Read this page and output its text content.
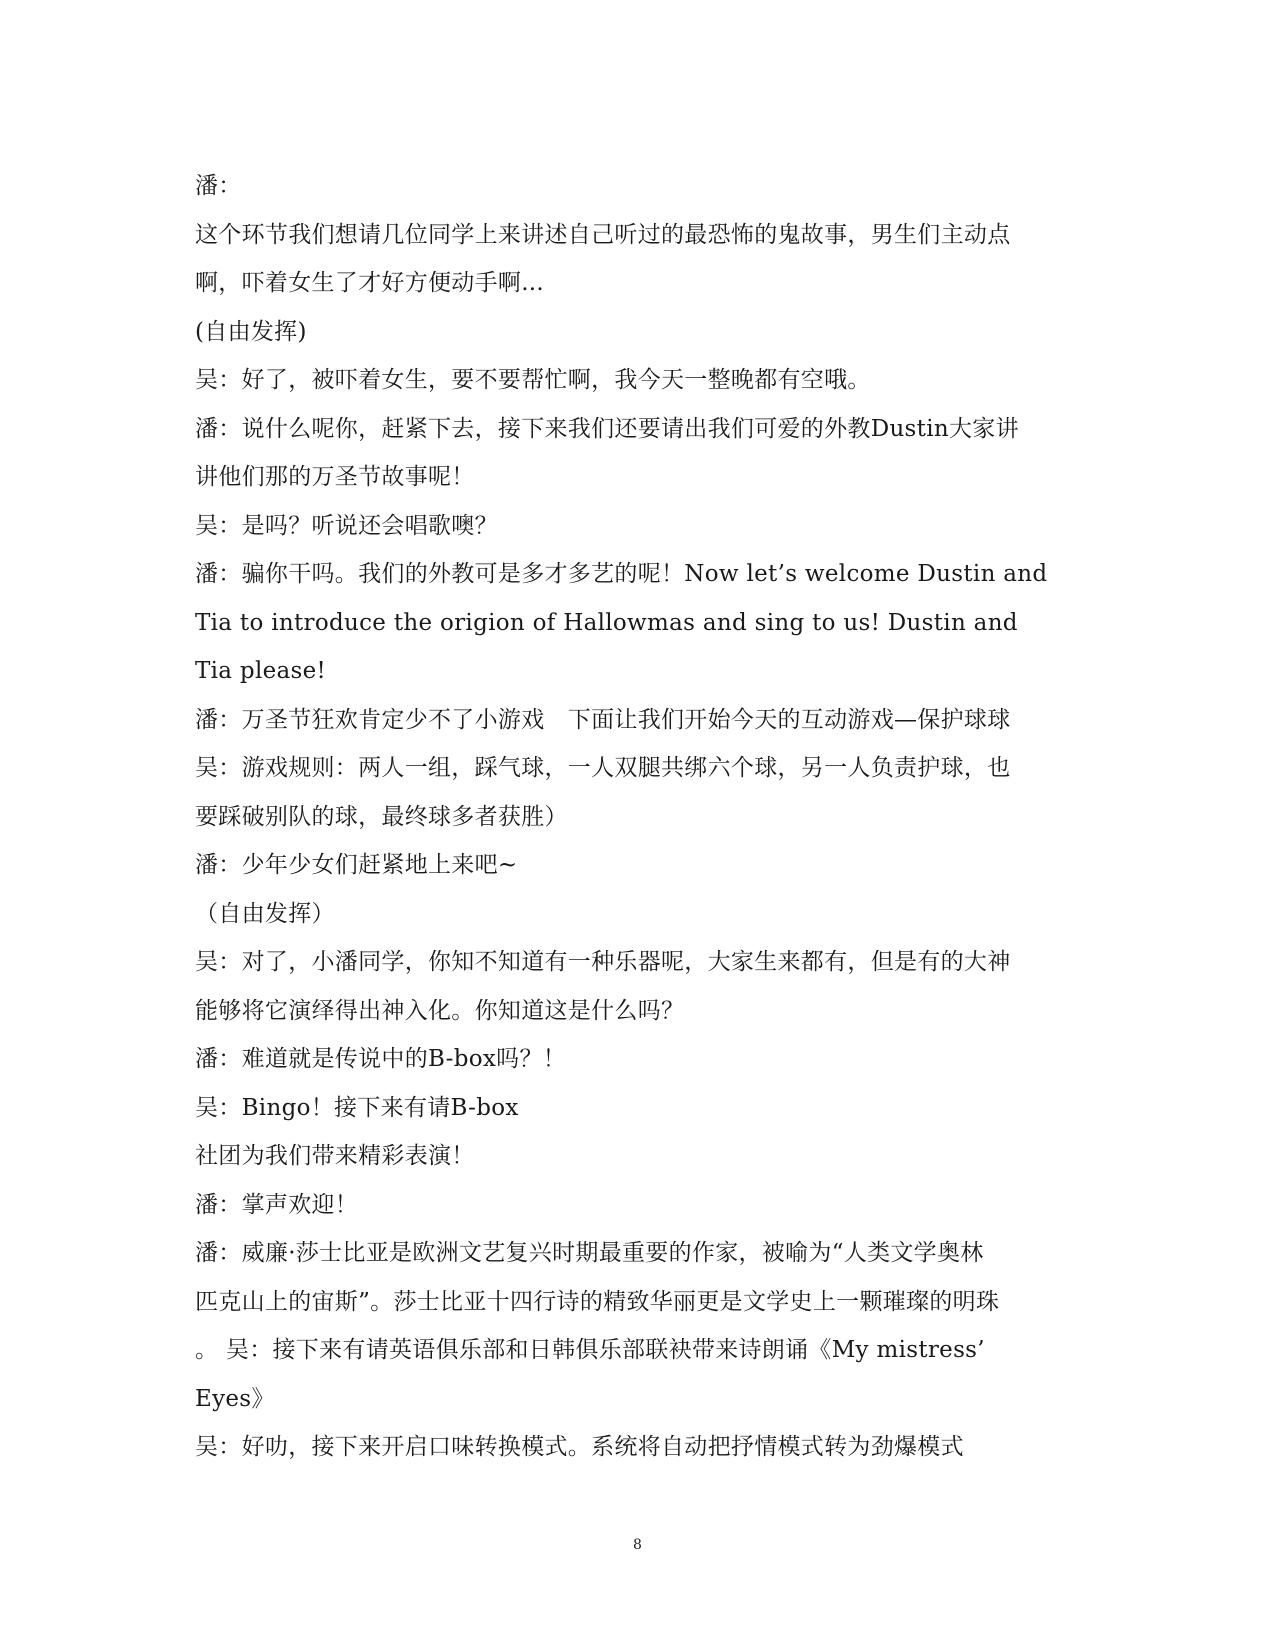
潘：
这个环节我们想请几位同学上来讲述自己听过的最恐怖的鬼故事，男生们主动点
啊，吓着女生了才好方便动手啊...
(自由发挥)
吴：好了，被吓着女生，要不要帮忙啊，我今天一整晚都有空哦。
潘：说什么呢你，赶紧下去，接下来我们还要请出我们可爱的外教Dustin大家讲
讲他们那的万圣节故事呢！
吴：是吗？听说还会唱歌噢？
潘：骗你干吗。我们的外教可是多才多艺的呢！Now let’s welcome Dustin and
Tia to introduce the origion of Hallowmas and sing to us! Dustin and
Tia please!
潘：万圣节狂欢肯定少不了小游戏　下面让我们开始今天的互动游戏—保护球球
吴：游戏规则：两人一组，踩气球，一人双腿共绑六个球，另一人负责护球，也
要踩破别队的球，最终球多者获胜）
潘：少年少女们赶紧地上来吧~
（自由发挥）
吴：对了，小潘同学，你知不知道有一种乐器呢，大家生来都有，但是有的大神
能够将它演绎得出神入化。你知道这是什么吗？
潘：难道就是传说中的B-box吗？！
吴：Bingo！接下来有请B-box
社团为我们带来精彩表演！
潘：掌声欢迎！
潘：威廉·莎士比亚是欧洲文艺复兴时期最重要的作家，被喻为“人类文学奥林
匹克山上的宙斯”。莎士比亚十四行诗的精致华丽更是文学史上一颗璀璨的明珠
。 吴：接下来有请英语俱乐部和日韩俱乐部联袂带来诗朗诵《My mistress’
Eyes》
吴：好叻，接下来开启口味转换模式。系统将自动把抒情模式转为劲爆模式
8
